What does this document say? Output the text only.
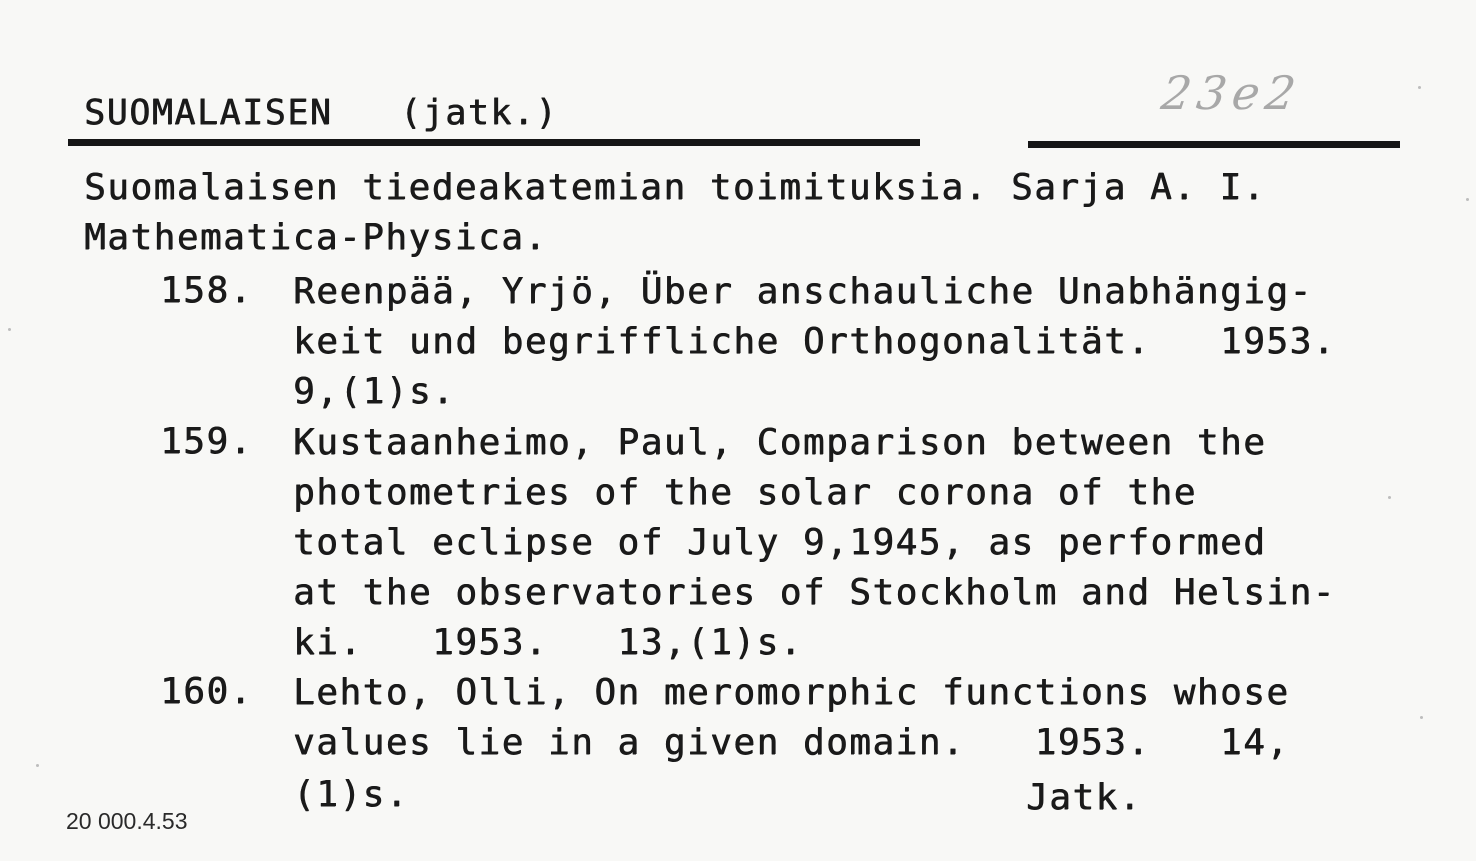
SUOMALAISEN   (jatk.)	23e2
Suomalaisen tiedeakatemian toimituksia. Sarja A. I.
Mathematica-Physica.
158. Reenpää, Yrjö, Über anschauliche Unabhängig-
keit und begriffliche Orthogonalität.   1953.
9,(1)s.
159. Kustaanheimo, Paul, Comparison between the
photometries of the solar corona of the
total eclipse of July 9,1945, as performed
at the observatories of Stockholm and Helsin-
ki.   1953.   13,(1)s.
160. Lehto, Olli, On meromorphic functions whose
values lie in a given domain.   1953.   14,
(1)s.	Jatk.
20 000.4.53
